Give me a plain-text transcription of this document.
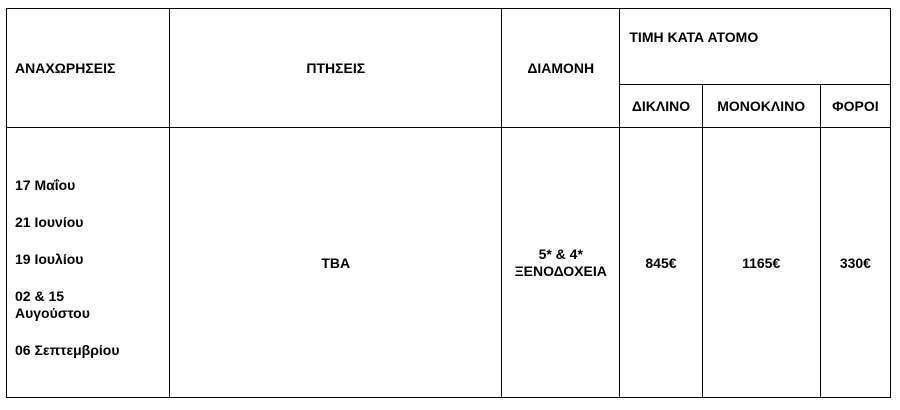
ΑΝΑΧΩΡΗΣΕΙΣ	ΠΤΗΣΕΙΣ	ΔΙΑΜΟΝΗ	ΤΙΜΗ ΚΑΤΑ ΑΤΟΜΟ		
			ΔΙΚΛΙΝΟ	ΜΟΝΟΚΛΙΝΟ	ΦΟΡΟΙ

17 Μαΐου
21 Ιουνίου
19 Ιουλίου
02 & 15 Αυγούστου
06 Σεπτεμβρίου	TBA	5* & 4*
ΞΕΝΟΔΟΧΕΙΑ	845€	1165€	330€
